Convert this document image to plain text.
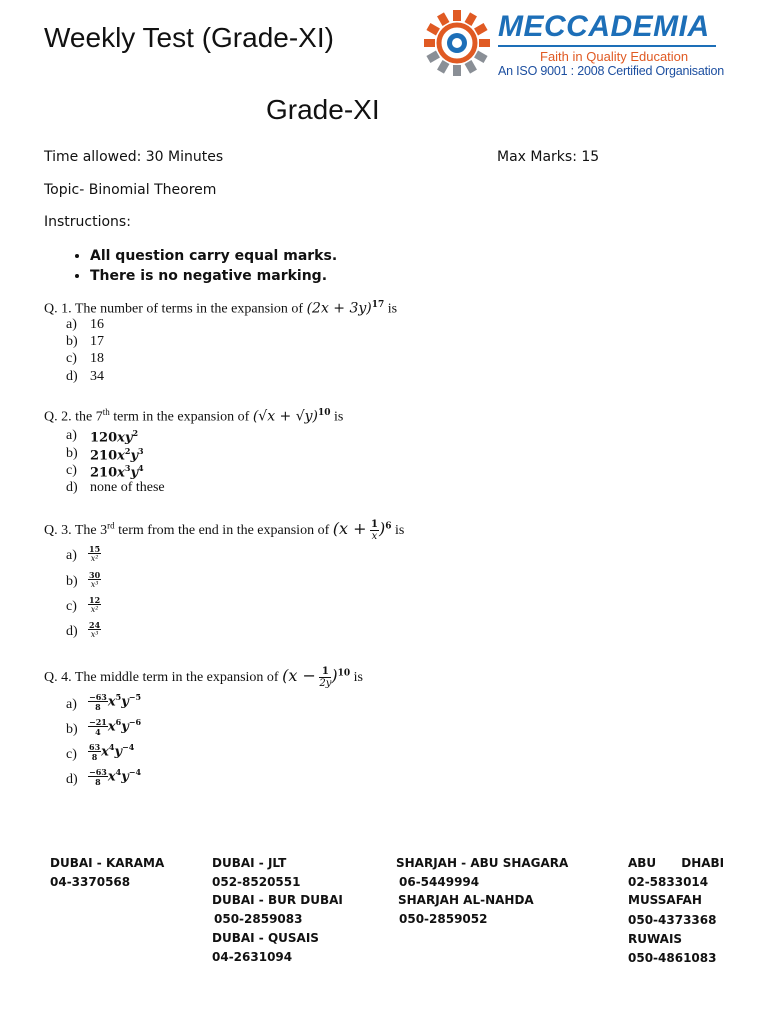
Weekly Test (Grade-XI)
Grade-XI
MECCADEMIA
Faith in Quality Education
An ISO 9001 : 2008 Certified Organisation
Time allowed: 30 Minutes	Max Marks: 15
Topic- Binomial Theorem
Instructions:
• All question carry equal marks.
• There is no negative marking.
Q. 1. The number of terms in the expansion of $(2x + 3y)^{17}$ is
a) 16
b) 17
c) 18
d) 34
Q. 2. the 7th term in the expansion of $(√x + √y)^{10}$ is
a) $120xy^2$
b) $210x^2y^3$
c) $210x^3y^4$
d) none of these
Q. 3. The 3rd term from the end in the expansion of $(x + \frac{1}{x} )^6$ is
$a) \frac{15}{\text{x²}}$
$b) \frac{30}{\text{x³}}$
$c) \frac{12}{\text{x²}}$
$d) \frac{24}{\text{x³}}$
Q. 4. The middle term in the expansion of $(x - \frac{1}{2y} )^{10}$ is
$a) \frac{-63}{8} x^5y^{-5}$
$b) \frac{-21}{4} x^6y^{-6}$
$c) \frac{63}{8} x^4y^{-4}$
$d) \frac{-63}{8} x^4y^{-4}$
DUBAI - KARAMA
04-3370568
DUBAI - JLT
052-8520551
DUBAI - BUR DUBAI
050-2859083
DUBAI - QUSAIS
04-2631094
SHARJAH - ABU SHAGARA
06-5449994
SHARJAH AL-NAHDA
050-2859052
ABU      DHABI
02-5833014
MUSSAFAH
050-4373368
RUWAIS
050-4861083
